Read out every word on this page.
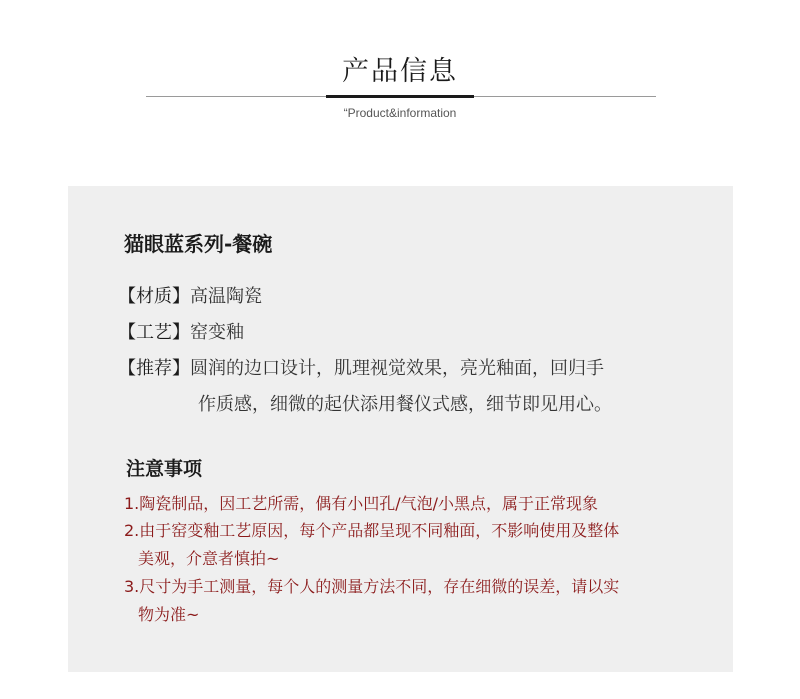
产品信息
“Product&information
猫眼蓝系列-餐碗
【材质】高温陶瓷
【工艺】窑变釉
【推荐】圆润的边口设计，肌理视觉效果，亮光釉面，回归手
作质感，细微的起伏添用餐仪式感，细节即见用心。
注意事项
1.陶瓷制品，因工艺所需，偶有小凹孔/气泡/小黑点，属于正常现象
2.由于窑变釉工艺原因，每个产品都呈现不同釉面，不影响使用及整体
美观，介意者慎拍~
3.尺寸为手工测量，每个人的测量方法不同，存在细微的误差，请以实
物为准~
